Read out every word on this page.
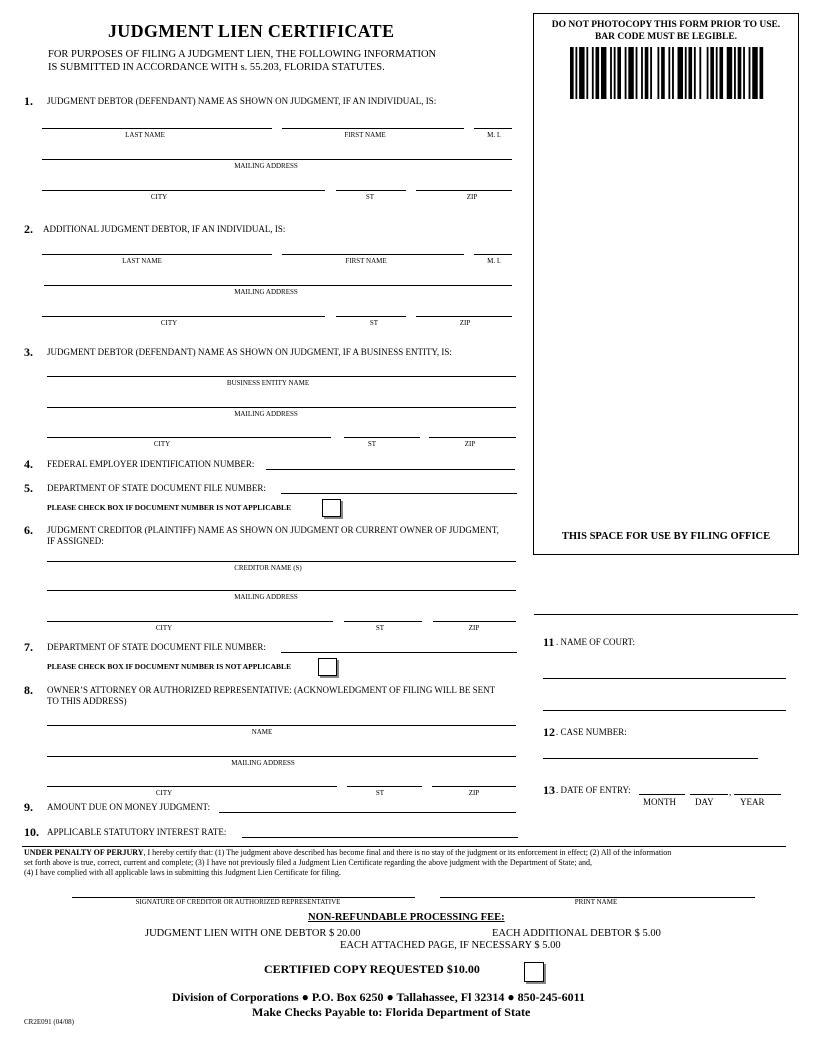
JUDGMENT LIEN CERTIFICATE
FOR PURPOSES OF FILING A JUDGMENT LIEN, THE FOLLOWING INFORMATION
IS SUBMITTED IN ACCORDANCE WITH s. 55.203, FLORIDA STATUTES.
DO NOT PHOTOCOPY THIS FORM PRIOR TO USE.
BAR CODE MUST BE LEGIBLE.
THIS SPACE FOR USE BY FILING OFFICE
1. JUDGMENT DEBTOR (DEFENDANT) NAME AS SHOWN ON JUDGMENT, IF AN INDIVIDUAL, IS:
LAST NAME	FIRST NAME	M. I.
MAILING ADDRESS
CITY	ST	ZIP
2. ADDITIONAL JUDGMENT DEBTOR, IF AN INDIVIDUAL, IS:
LAST NAME	FIRST NAME	M. I.
MAILING ADDRESS
CITY	ST	ZIP
3. JUDGMENT DEBTOR (DEFENDANT) NAME AS SHOWN ON JUDGMENT, IF A BUSINESS ENTITY, IS:
BUSINESS ENTITY NAME
MAILING ADDRESS
CITY	ST	ZIP
4. FEDERAL EMPLOYER IDENTIFICATION NUMBER:
5. DEPARTMENT OF STATE DOCUMENT FILE NUMBER:
PLEASE CHECK BOX IF DOCUMENT NUMBER IS NOT APPLICABLE
6. JUDGMENT CREDITOR (PLAINTIFF) NAME AS SHOWN ON JUDGMENT OR CURRENT OWNER OF JUDGMENT,
IF ASSIGNED:
CREDITOR NAME (S)
MAILING ADDRESS
CITY	ST	ZIP
7. DEPARTMENT OF STATE DOCUMENT FILE NUMBER:
PLEASE CHECK BOX IF DOCUMENT NUMBER IS NOT APPLICABLE
8. OWNER’S ATTORNEY OR AUTHORIZED REPRESENTATIVE: (ACKNOWLEDGMENT OF FILING WILL BE SENT
TO THIS ADDRESS)
NAME
MAILING ADDRESS
CITY	ST	ZIP
9. AMOUNT DUE ON MONEY JUDGMENT:
10. APPLICABLE STATUTORY INTEREST RATE:
11 . NAME OF COURT:
12 . CASE NUMBER:
13 . DATE OF ENTRY:	,
MONTH DAY	YEAR
UNDER PENALTY OF PERJURY, I hereby certify that: (1) The judgment above described has become final and there is no stay of the judgment or its enforcement in effect; (2) All of the information
set forth above is true, correct, current and complete; (3) I have not previously filed a Judgment Lien Certificate regarding the above judgment with the Department of State; and,
(4) I have complied with all applicable laws in submitting this Judgment Lien Certificate for filing.
SIGNATURE OF CREDITOR OR AUTHORIZED REPRESENTATIVE	PRINT NAME
NON-REFUNDABLE PROCESSING FEE:
JUDGMENT LIEN WITH ONE DEBTOR $ 20.00	EACH ADDITIONAL DEBTOR $ 5.00
EACH ATTACHED PAGE, IF NECESSARY $ 5.00
CERTIFIED COPY REQUESTED $10.00
Division of Corporations ● P.O. Box 6250 ● Tallahassee, Fl 32314 ● 850-245-6011
Make Checks Payable to: Florida Department of State
CR2E091 (04/08)
